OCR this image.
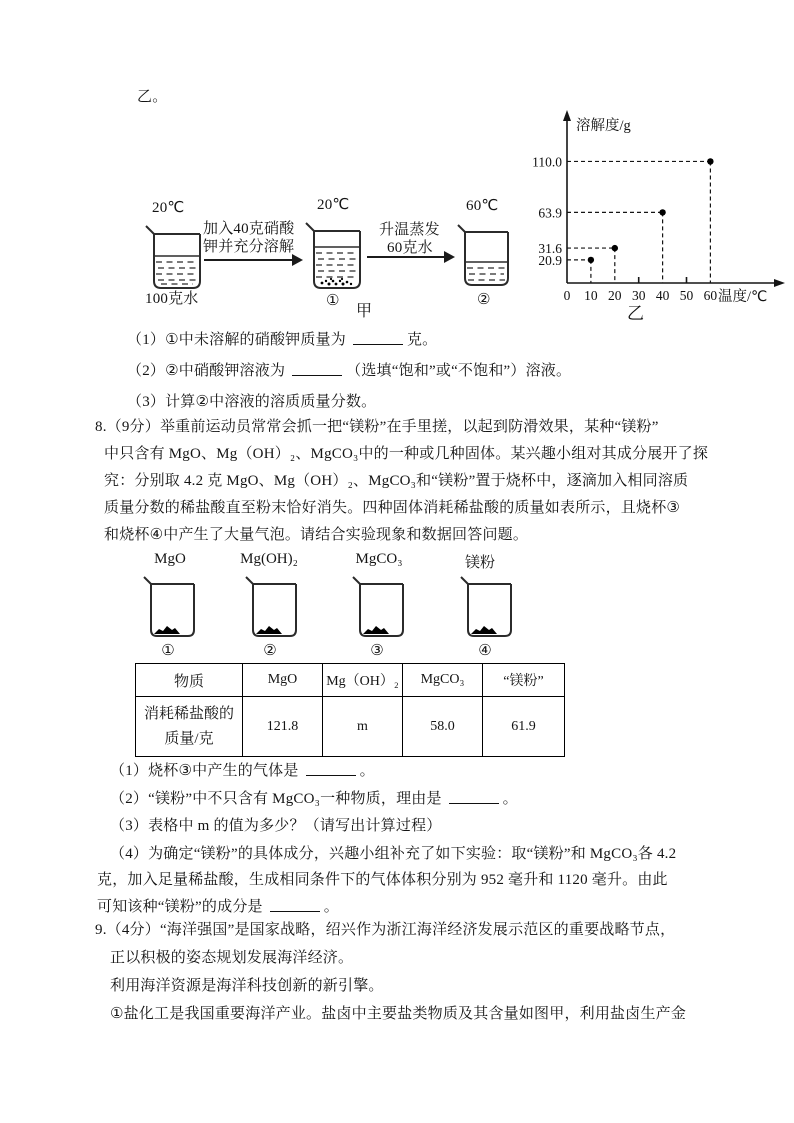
乙。
20℃
100克水
加入40克硝酸
钾并充分溶解
20℃
①
升温蒸发
60克水
60℃
②
甲
溶解度/g
温度/℃
0 10 20 30 40 50 60
20.9
31.6
63.9
110.0
乙
（1）①中未溶解的硝酸钾质量为	克。
（2）②中硝酸钾溶液为	（选填“饱和”或“不饱和”）溶液。
（3）计算②中溶液的溶质质量分数。
8.（9分）举重前运动员常常会抓一把“镁粉”在手里搓，以起到防滑效果，某种“镁粉”
中只含有 MgO、Mg（OH）₂、MgCO₃中的一种或几种固体。某兴趣小组对其成分展开了探
究：分别取 4.2 克 MgO、Mg（OH）₂、MgCO₃和“镁粉”置于烧杯中，逐滴加入相同溶质
质量分数的稀盐酸直至粉末恰好消失。四种固体消耗稀盐酸的质量如表所示，且烧杯③
和烧杯④中产生了大量气泡。请结合实验现象和数据回答问题。
MgO	Mg(OH)₂	MgCO₃	镁粉
①	②	③	④
物质	MgO	Mg（OH）₂	MgCO₃	“镁粉”
消耗稀盐酸的质量/克	121.8	m	58.0	61.9
（1）烧杯③中产生的气体是	。
（2）“镁粉”中不只含有 MgCO₃一种物质，理由是	。
（3）表格中 m 的值为多少？（请写出计算过程）
（4）为确定“镁粉”的具体成分，兴趣小组补充了如下实验：取“镁粉”和 MgCO₃各 4.2
克，加入足量稀盐酸，生成相同条件下的气体体积分别为 952 毫升和 1120 毫升。由此
可知该种“镁粉”的成分是	。
9.（4分）“海洋强国”是国家战略，绍兴作为浙江海洋经济发展示范区的重要战略节点，
正以积极的姿态规划发展海洋经济。
利用海洋资源是海洋科技创新的新引擎。
①盐化工是我国重要海洋产业。盐卤中主要盐类物质及其含量如图甲，利用盐卤生产金
